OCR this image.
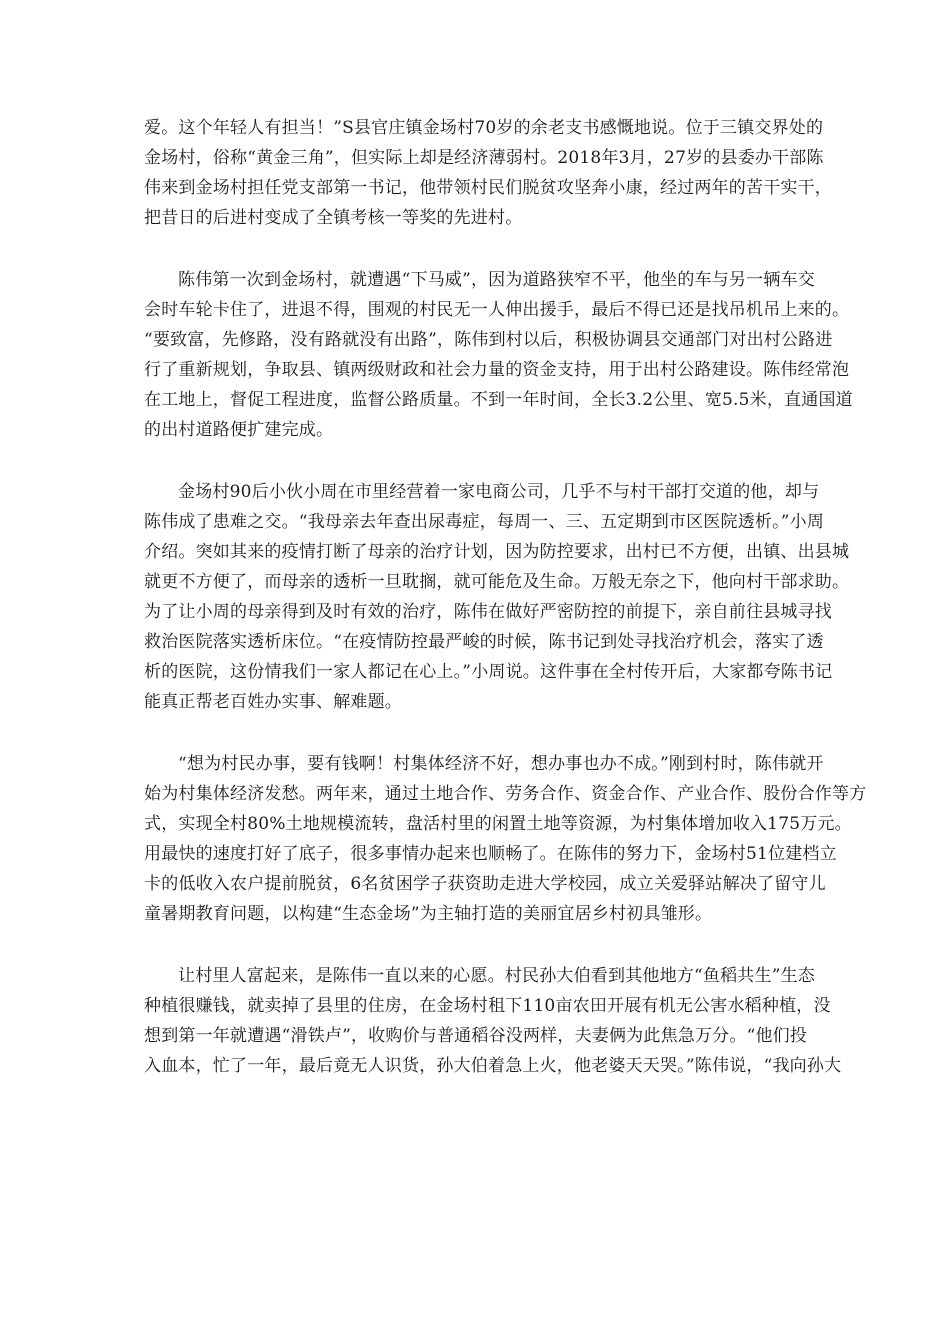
爱。这个年轻人有担当！”S县官庄镇金场村70岁的余老支书感慨地说。位于三镇交界处的
金场村，俗称“黄金三角”，但实际上却是经济薄弱村。2018年3月，27岁的县委办干部陈
伟来到金场村担任党支部第一书记，他带领村民们脱贫攻坚奔小康，经过两年的苦干实干，
把昔日的后进村变成了全镇考核一等奖的先进村。

陈伟第一次到金场村，就遭遇“下马威”，因为道路狭窄不平，他坐的车与另一辆车交
会时车轮卡住了，进退不得，围观的村民无一人伸出援手，最后不得已还是找吊机吊上来的。
“要致富，先修路，没有路就没有出路”，陈伟到村以后，积极协调县交通部门对出村公路进
行了重新规划，争取县、镇两级财政和社会力量的资金支持，用于出村公路建设。陈伟经常泡
在工地上，督促工程进度，监督公路质量。不到一年时间，全长3.2公里、宽5.5米，直通国道
的出村道路便扩建完成。

金场村90后小伙小周在市里经营着一家电商公司，几乎不与村干部打交道的他，却与
陈伟成了患难之交。“我母亲去年查出尿毒症，每周一、三、五定期到市区医院透析。”小周
介绍。突如其来的疫情打断了母亲的治疗计划，因为防控要求，出村已不方便，出镇、出县城
就更不方便了，而母亲的透析一旦耽搁，就可能危及生命。万般无奈之下，他向村干部求助。
为了让小周的母亲得到及时有效的治疗，陈伟在做好严密防控的前提下，亲自前往县城寻找
救治医院落实透析床位。“在疫情防控最严峻的时候，陈书记到处寻找治疗机会，落实了透
析的医院，这份情我们一家人都记在心上。”小周说。这件事在全村传开后，大家都夸陈书记
能真正帮老百姓办实事、解难题。

“想为村民办事，要有钱啊！村集体经济不好，想办事也办不成。”刚到村时，陈伟就开
始为村集体经济发愁。两年来，通过土地合作、劳务合作、资金合作、产业合作、股份合作等方
式，实现全村80%土地规模流转，盘活村里的闲置土地等资源，为村集体增加收入175万元。
用最快的速度打好了底子，很多事情办起来也顺畅了。在陈伟的努力下，金场村51位建档立
卡的低收入农户提前脱贫，6名贫困学子获资助走进大学校园，成立关爱驿站解决了留守儿
童暑期教育问题，以构建“生态金场”为主轴打造的美丽宜居乡村初具雏形。

让村里人富起来，是陈伟一直以来的心愿。村民孙大伯看到其他地方“鱼稻共生”生态
种植很赚钱，就卖掉了县里的住房，在金场村租下110亩农田开展有机无公害水稻种植，没
想到第一年就遭遇“滑铁卢”，收购价与普通稻谷没两样，夫妻俩为此焦急万分。“他们投
入血本，忙了一年，最后竟无人识货，孙大伯着急上火，他老婆天天哭。”陈伟说，“我向孙大
